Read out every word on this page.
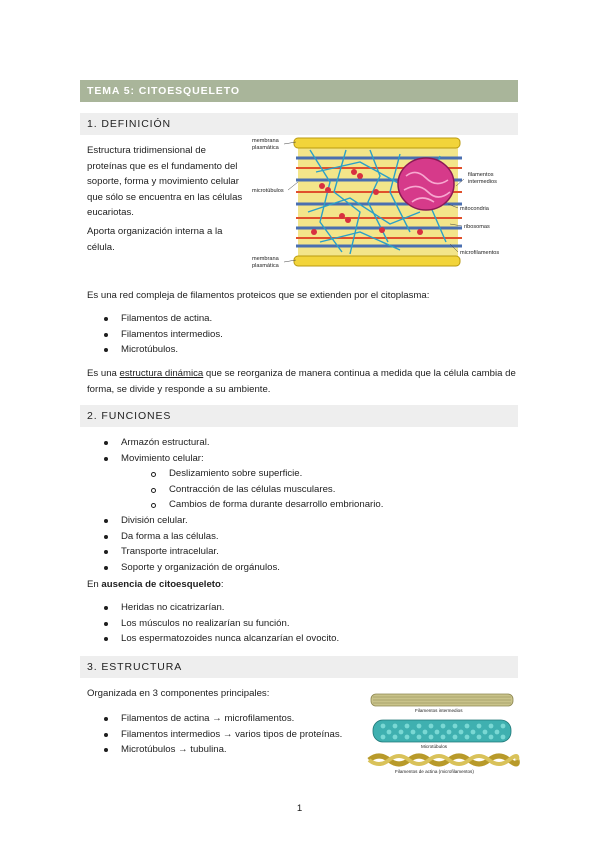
TEMA 5: CITOESQUELETO
1. DEFINICIÓN
Estructura tridimensional de proteínas que es el fundamento del soporte, forma y movimiento celular que sólo se encuentra en las células eucariotas.
Aporta organización interna a la célula.
membrana
plasmática
microtúbulos
filamentos
intermedios
mitocondria
ribosomas
microfilamentos
membrana
plasmática
Es una red compleja de filamentos proteicos que se extienden por el citoplasma:
Filamentos de actina.
Filamentos intermedios.
Microtúbulos.
Es una estructura dinámica que se reorganiza de manera continua a medida que la célula cambia de forma, se divide y responde a su ambiente.
2. FUNCIONES
Armazón estructural.
Movimiento celular:
Deslizamiento sobre superficie.
Contracción de las células musculares.
Cambios de forma durante desarrollo embrionario.
División celular.
Da forma a las células.
Transporte intracelular.
Soporte y organización de orgánulos.
En ausencia de citoesqueleto:
Heridas no cicatrizarían.
Los músculos no realizarían su función.
Los espermatozoides nunca alcanzarían el ovocito.
3. ESTRUCTURA
Organizada en 3 componentes principales:
Filamentos de actina → microfilamentos.
Filamentos intermedios → varios tipos de proteínas.
Microtúbulos → tubulina.
Filamentos intermedios
Microtúbulos
Filamentos de actina (microfilamentos)
1
